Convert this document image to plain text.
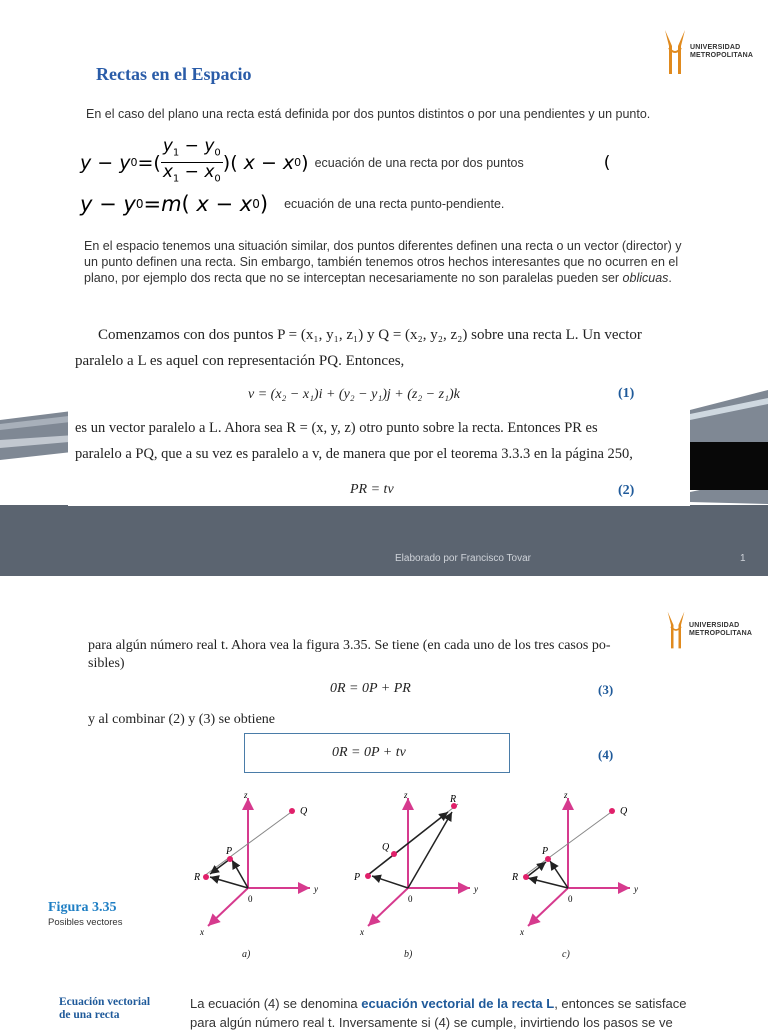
UNIVERSIDAD
METROPOLITANA
Rectas en el Espacio
En el caso del plano una recta está definida por dos puntos distintos o por una pendientes y un punto.
y − y 0 =( $\frac{y_1 - y_0}{x_1 - x_0}$ )( x − x 0 ) ecuación de una recta por dos puntos	(
y − y 0 =m( x − x 0 ) ecuación de una recta punto-pendiente.
En el espacio tenemos una situación similar, dos puntos diferentes definen una recta o un vector (director) y un punto definen una recta. Sin embargo, también tenemos otros hechos interesantes que no ocurren en el plano, por ejemplo dos recta que no se interceptan necesariamente no son paralelas pueden ser oblicuas.
Comenzamos con dos puntos P = (x₁, y₁, z₁) y Q = (x₂, y₂, z₂) sobre una recta L. Un vector
paralelo a L es aquel con representación PQ. Entonces,
v = (x₂ − x₁)i + (y₂ − y₁)j + (z₂ − z₁)k	(1)
es un vector paralelo a L. Ahora sea R = (x, y, z) otro punto sobre la recta. Entonces PR es
paralelo a PQ, que a su vez es paralelo a v, de manera que por el teorema 3.3.3 en la página 250,
PR = tv	(2)
Elaborado por Francisco Tovar	1
UNIVERSIDAD
METROPOLITANA
para algún número real t. Ahora vea la figura 3.35. Se tiene (en cada uno de los tres casos po-
sibles)
0R = 0P + PR	(3)
y al combinar (2) y (3) se obtiene
0R = 0P + tv	(4)
z
y
x
Q
P
R
0
z
y
x
R
Q
P
0
z
y
x
Q
P
R
0
a)	b)	c)
Figura 3.35
Posibles vectores
Ecuación vectorial
de una recta
La ecuación (4) se denomina ecuación vectorial de la recta L, entonces se satisface
para algún número real t. Inversamente si (4) se cumple, invirtiendo los pasos se ve
